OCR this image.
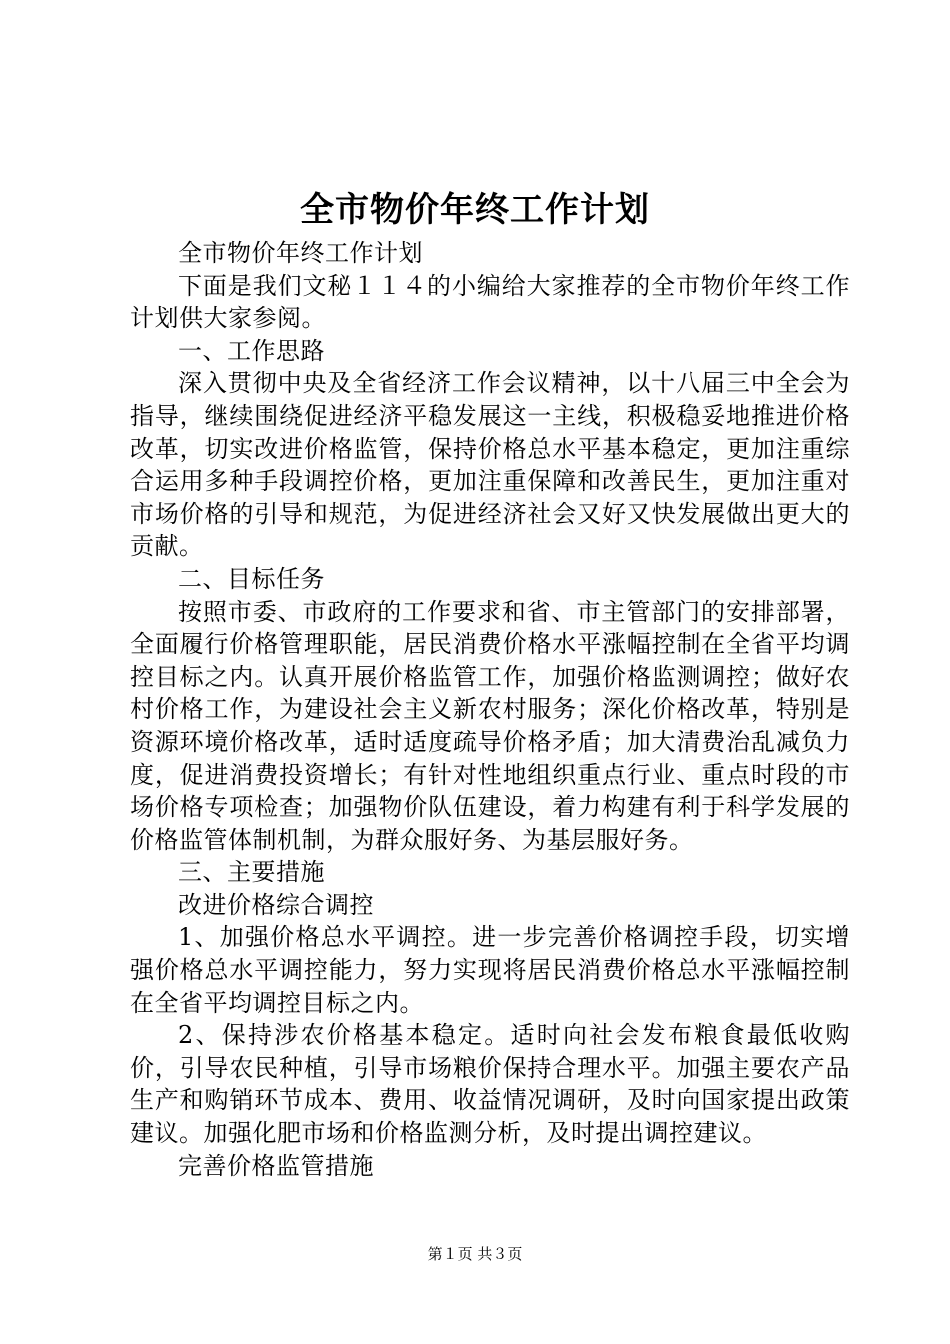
全市物价年终工作计划

全市物价年终工作计划

下面是我们文秘１１４的小编给大家推荐的全市物价年终工作计划供大家参阅。

一、工作思路

深入贯彻中央及全省经济工作会议精神，以十八届三中全会为指导，继续围绕促进经济平稳发展这一主线，积极稳妥地推进价格改革，切实改进价格监管，保持价格总水平基本稳定，更加注重综合运用多种手段调控价格，更加注重保障和改善民生，更加注重对市场价格的引导和规范，为促进经济社会又好又快发展做出更大的贡献。

二、目标任务

按照市委、市政府的工作要求和省、市主管部门的安排部署，全面履行价格管理职能，居民消费价格水平涨幅控制在全省平均调控目标之内。认真开展价格监管工作，加强价格监测调控；做好农村价格工作，为建设社会主义新农村服务；深化价格改革，特别是资源环境价格改革，适时适度疏导价格矛盾；加大清费治乱减负力度，促进消费投资增长；有针对性地组织重点行业、重点时段的市场价格专项检查；加强物价队伍建设，着力构建有利于科学发展的价格监管体制机制，为群众服好务、为基层服好务。

三、主要措施

改进价格综合调控

1、加强价格总水平调控。进一步完善价格调控手段，切实增强价格总水平调控能力，努力实现将居民消费价格总水平涨幅控制在全省平均调控目标之内。

2、保持涉农价格基本稳定。适时向社会发布粮食最低收购价，引导农民种植，引导市场粮价保持合理水平。加强主要农产品生产和购销环节成本、费用、收益情况调研，及时向国家提出政策建议。加强化肥市场和价格监测分析，及时提出调控建议。

完善价格监管措施

第１页 共３页
